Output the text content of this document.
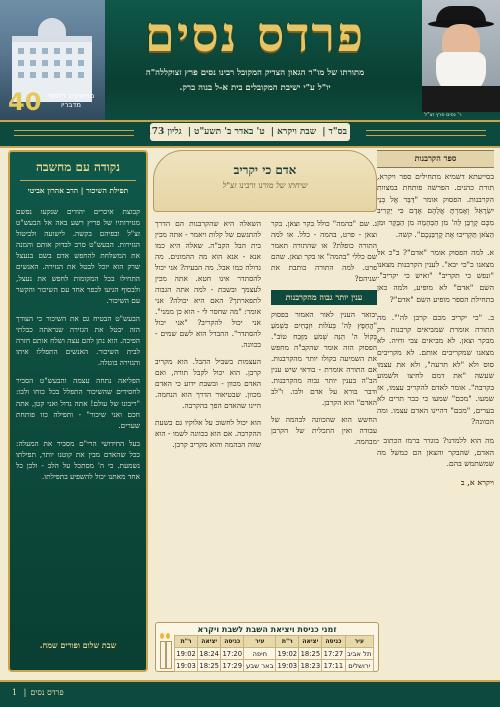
40 ממשיכים ללמוד מדבריו
פרדס נסים
מתורתו של מו"ר הגאון הצדיק המקובל רבינו נסים פרץ זצוקללה"ה
יו"ל ע"י ישיבת המקובלים בית א-ל בנוה ברק.
ר' נסים פרץ זצ"ל
בס"ד| שבת ויקרא| ט' באדר ב' תשע"ט| גליון 173
ספר הקרבנות

בסייעתא דשמיא מתחילים ספר ויקרא, תורת כהנים. הפרשה פותחת במצוות הקרבנות. הפסוק אומר "דַּבֵּר אֶל בְּנֵי יִשְׂרָאֵל וְאָמַרְתָּ אֲלֵהֶם אָדָם כִּי יַקְרִיב מִכֶּם קָרְבָּן לַה' מִן הַבְּהֵמָה מִן הַבָּקָר וּמִן הַצֹּאן תַּקְרִיבוּ אֶת קָרְבַּנְכֶם". קשה.

א. למה הפסוק אומר "אדם"? ב"כ אל מצאנו כ"כי יבא". לענין הקרבנות מצאנו "ונפש כי תקריב" "ואיש כי יקריב". השם "אדם" לא מופיע, ולמה כאן בתחילת הספר מופיע השם "אדם"?

ב. "כי יקריב מכם קרבן לה'". מה התורה אומרת שמביאים קרבנות רק מבקר וצאן. לא מביאים צבי וחיה. לא מצאנו שמקריבים אותם. לא מקריבים סוס ולא "לא תרעה", ולא את עצמו שעשה "את דמם לחיצו ולשמוע בקרבה". אומר לאדם להקריב עצמו, אז שמעו. "מכם" שמעו כי כבר תרים לא בערים, "מכם" דהיינו האדם עצמו. ומה הכוונה?

מה הוא ללמדנו? בוגדר ברמז הכתוב - האדם, שהבקר והצאן הם כמשל מה שמשתמש בהם.

ויקרא א, ב

אדם כי יקריב
שיחתו של מורנו ורבינו זצ"ל

נ. שם "בהמה" כולל בקר וצאן. בקר וצאן - פרט, בהמה - כלל. או למה התורה כופלת? או שהתורה תאמר שם כללי "בהמה" או בקר וצאן. שהם פרט. למה התורה כותבת את שניהם?

ענין יותר גבוה מהקרבנות

יבואר הענין לאור האמור בפסוק "הֲחֵפֶץ לַה' בְּעֹלוֹת וּזְבָחִים כִּשְׁמֹעַ בְּקוֹל ה' הִנֵּה שְׁמֹעַ מִזֶּבַח טוֹב". הפסוק הזה אומר שהקב"ה מחפש את השמיעה בקולו יותר מהקרבנות. אם התורה אומרת - בודאי שיש ענין הב"ה בענין יותר גבוה מהקרבנות. ודבר בורא על אדם ולבו. ו"לב האדם" הוא הקרבן.

החשש הוא שהכוונה לבהמה של עבודה ואין התכלית של הקרבן מבהמה.

השאלה היא שהקרבנות הם הדרך להתגשם של קלות ויאמר - אתה מכין בית הבל הקב"ה. שאלה היא כמו אנא - אנא הוא מה ההמונים. מה גדולה כמו אבל. מה הבעיה? אני יכול להסתדר אינו חטא. אתה מכין לעצמך ובשבת - למה אתה הגבוה לתפארתך? האם היא יכולה? אני אומר: "מה שחסר לי - הוא כן ממני". אני יכול להקריב? "אני יכול להסתדר". ההבדל הוא לשם שמים - בכוונה.

העצמות בשביל ההבל. הוא מקריב קרבן. הוא יכול לקבל תורה, ואם האדם מכוון - ובשבת ידוע כי האדם מכוון. שבטיאור הדרך הוא הנחמה. היינו שהאדם הפך בהקרבה.

הוא יכול לחשוב על אלוקיו גם בשעת ההקרבה. אם הוא בכוונה לשמו - הוא שווה הבהמה והוא מקריב קרבן.

זמני כניסת ויציאת השבת לשבת ויקרא
עיר	כניסה	יציאה	ר"ת	עיר	כניסה	יציאה	ר"ת
תל אביב	17:27	18:25	19:02	חיפה	17:20	18:24	19:02
ירושלים	17:11	18:23	19:03	באר שבע	17:29	18:25	19:03
נקודה עם מחשבה
תפילת השיכור | הרב אהרון אביטי

קבוצת איכרים יהודים שנקעו נפשם מגזירותיו של פריץ רשע באה אל הבעש"ט זצ"ל ובפיהם בקשה. לישועה ולביטול הגזירות. הבעש"ט סרב לבדוק אותם והמנה את המשלחת להחפש אדם בשם בנעצל שרק הוא יוכל לבטל את הגזירה. האנשים התחילו בכל המקומות לחפש את נעצל, ולבסוף הגיעו לכפר אחד עם השיכור והקשר עם השיכור.

הבעש"ט הבטיח גם את השיכור כי הצורך הזה יבטל את הגזירה שנראתה כבלתי הפיכה. הוא נתן להם עצה ושלח אותם חזרה לבית השיכור. האנשים התפללו איתו והגזירה בוטלה.

הפליאה נתחה עצמה והבעש"ט הסביר לחסידים שהשיכור התפלל בכל כוחו ולבו: "ריבונו של עולם! אתה גדול ואני קטן, אתה חכם ואני שיכור" - ותפילה כזו פותחת שערים.

בעל החידושי הרי"ם מסביר את המעלה: ככל שהאדם מבין את קוטנו יותר, תפילתו נשמעת. כי ה' מסתכל על הלב - ולכן כל אחד מאתנו יכול להשפיע בתפילתו.

שבת שלום ופורים שמח.
פרדס נסים| 1
